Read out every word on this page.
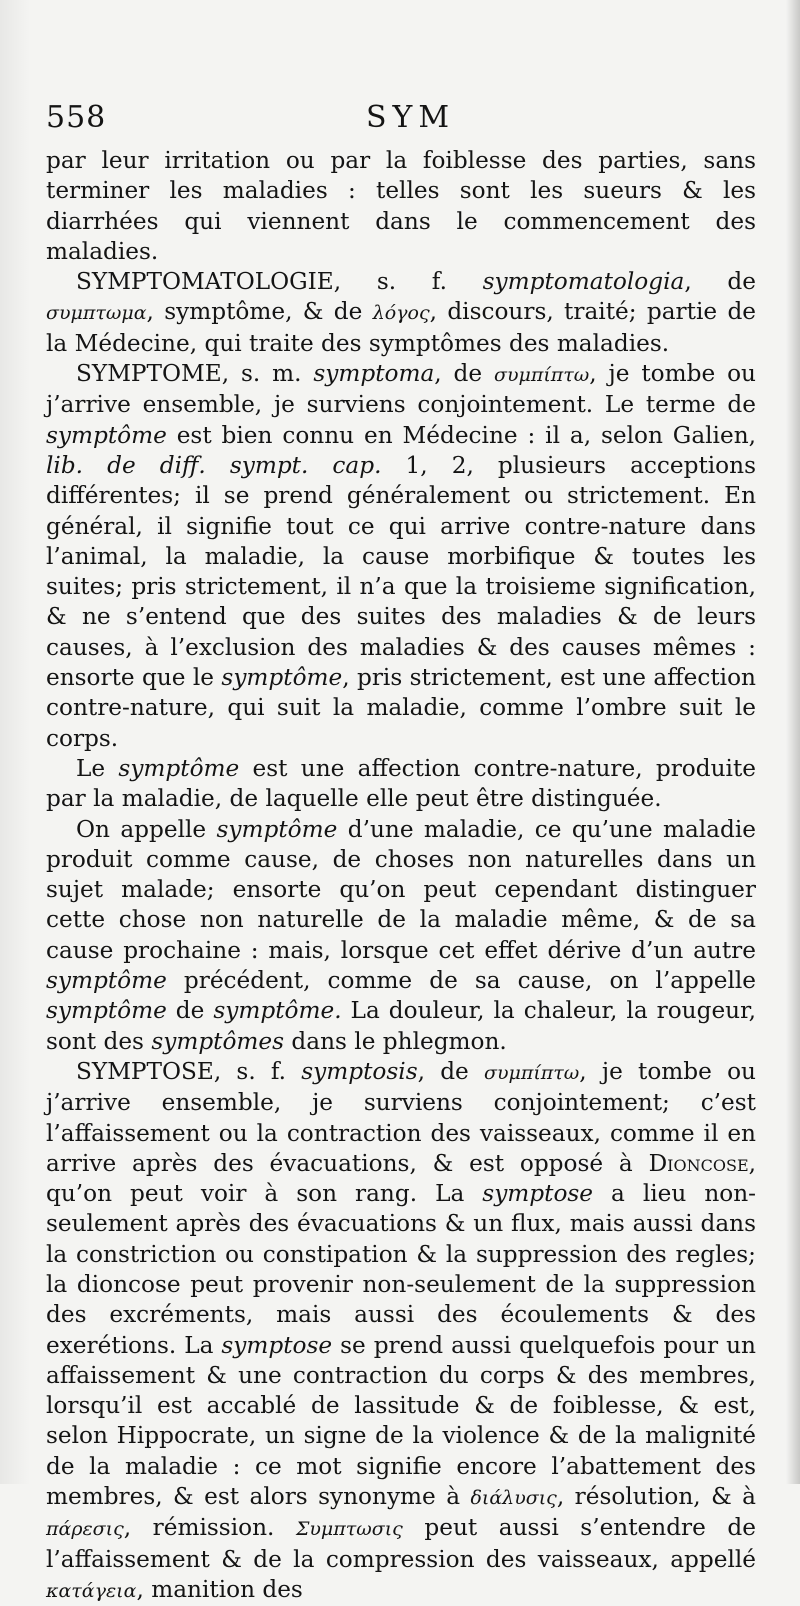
558	SYM

par leur irritation ou par la foiblesse des parties, sans terminer les maladies : telles sont les sueurs & les diarrhées qui viennent dans le commencement des maladies.

SYMPTOMATOLOGIE, s. f. symptomatologia, de συμπτωμα, symptôme, & de λόγος, discours, traité; partie de la Médecine, qui traite des symptômes des maladies.

SYMPTOME, s. m. symptoma, de συμπίπτω, je tombe ou j’arrive ensemble, je surviens conjointement. Le terme de symptôme est bien connu en Médecine : il a, selon Galien, lib. de diff. sympt. cap. 1, 2, plusieurs acceptions différentes; il se prend généralement ou strictement. En général, il signifie tout ce qui arrive contre-nature dans l’animal, la maladie, la cause morbifique & toutes les suites; pris strictement, il n’a que la troisieme signification, & ne s’entend que des suites des maladies & de leurs causes, à l’exclusion des maladies & des causes mêmes : ensorte que le symptôme, pris strictement, est une affection contre-nature, qui suit la maladie, comme l’ombre suit le corps.

Le symptôme est une affection contre-nature, produite par la maladie, de laquelle elle peut être distinguée.

On appelle symptôme d’une maladie, ce qu’une maladie produit comme cause, de choses non naturelles dans un sujet malade; ensorte qu’on peut cependant distinguer cette chose non naturelle de la maladie même, & de sa cause prochaine : mais, lorsque cet effet dérive d’un autre symptôme précédent, comme de sa cause, on l’appelle symptôme de symptôme. La douleur, la chaleur, la rougeur, sont des symptômes dans le phlegmon.

SYMPTOSE, s. f. symptosis, de συμπίπτω, je tombe ou j’arrive ensemble, je surviens conjointement; c’est l’affaissement ou la contraction des vaisseaux, comme il en arrive après des évacuations, & est opposé à Dioncose, qu’on peut voir à son rang. La symptose a lieu non-seulement après des évacuations & un flux, mais aussi dans la constriction ou constipation & la suppression des regles; la dioncose peut provenir non-seulement de la suppression des excréments, mais aussi des écoulements & des exerétions. La symptose se prend aussi quelquefois pour un affaissement & une contraction du corps & des membres, lorsqu’il est accablé de lassitude & de foiblesse, & est, selon Hippocrate, un signe de la violence & de la malignité de la maladie : ce mot signifie encore l’abattement des membres, & est alors synonyme à διάλυσις, résolution, & à πάρεσις, rémission. Συμπτωσις peut aussi s’entendre de l’affaissement & de la compression des vaisseaux, appellé κατάγεια, manition des
